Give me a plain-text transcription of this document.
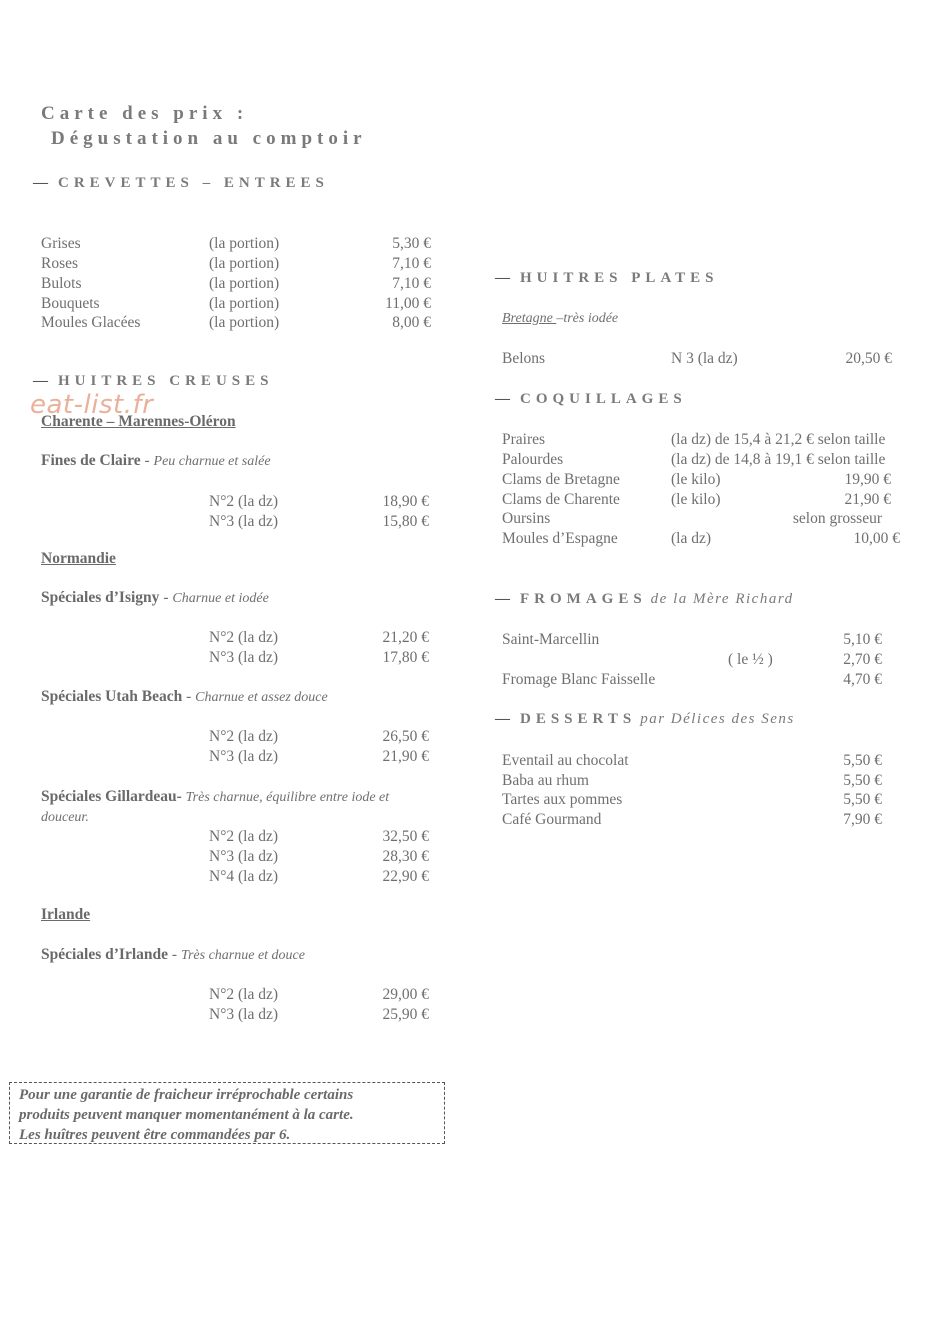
Carte des prix :
Dégustation au comptoir
— CREVETTES – ENTREES
Grises	(la portion)	5,30 €
Roses	(la portion)	7,10 €
Bulots	(la portion)	7,10 €
Bouquets	(la portion)	11,00 €
Moules Glacées	(la portion)	8,00 €
— HUITRES CREUSES
Charente – Marennes-Oléron
eat-list.fr
Fines de Claire - Peu charnue et salée
N°2 (la dz)	18,90 €
N°3 (la dz)	15,80 €
Normandie
Spéciales d’Isigny - Charnue et iodée
N°2 (la dz)	21,20 €
N°3 (la dz)	17,80 €
Spéciales Utah Beach - Charnue et assez douce
N°2 (la dz)	26,50 €
N°3 (la dz)	21,90 €
Spéciales Gillardeau- Très charnue, équilibre entre iode et
douceur.
N°2 (la dz)	32,50 €
N°3 (la dz)	28,30 €
N°4 (la dz)	22,90 €
Irlande
Spéciales d’Irlande - Très charnue et douce
N°2 (la dz)	29,00 €
N°3 (la dz)	25,90 €
— HUITRES PLATES
Bretagne –très iodée
Belons	N 3 (la dz)	20,50 €
— COQUILLAGES
Praires	(la dz) de 15,4 à 21,2 € selon taille
Palourdes	(la dz) de 14,8 à 19,1 € selon taille
Clams de Bretagne	(le kilo)	19,90 €
Clams de Charente	(le kilo)	21,90 €
Oursins	selon grosseur
Moules d’Espagne	(la dz)	10,00 €
— FROMAGES de la Mère Richard
Saint-Marcellin	5,10 €
( le ½ )	2,70 €
Fromage Blanc Faisselle	4,70 €
— DESSERTS par Délices des Sens
Eventail au chocolat	5,50 €
Baba au rhum	5,50 €
Tartes aux pommes	5,50 €
Café Gourmand	7,90 €
Pour une garantie de fraicheur irréprochable certains
produits peuvent manquer momentanément à la carte.
Les huîtres peuvent être commandées par 6.
